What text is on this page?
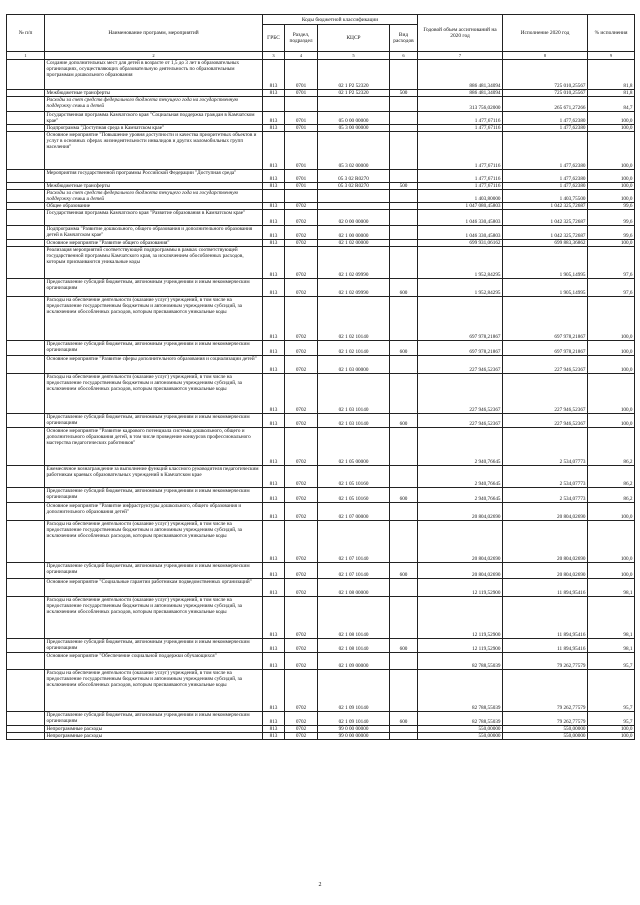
№ п/п	Наименование программ, мероприятий	Коды бюджетной классификации				Годовой объем ассигнований на 2020 год	Исполнение 2020 год	% исполнения
		ГРБС	Раздел, подраздел	КЦСР	Вид расходов			
1	2	3	4	5	6	7	8	9
	Создание дополнительных мест для детей в возрасте от 1,5 до 3 лет в образовательных организациях, осуществляющих образовательную деятельность по образовательным программам дошкольного образования	813	0701	02 1 P2 52320		886 481,34094	725 010,25567	81,8
	Межбюджетные трансферты	813	0701	02 1 P2 52320	500	886 481,34094	725 010,25567	81,8
	Расходы за счет средств федерального бюджета текущего года на государственную поддержку семьи и детей					313 756,02000	265 671,27266	84,7
	Государственная программа Камчатского края "Социальная поддержка граждан в Камчатском крае"	813	0701	05 0 00 00000		1 477,67116	1 477,62380	100,0
	Подпрограмма "Доступная среда в Камчатском крае"	813	0701	05 3 00 00000		1 477,67116	1 477,62380	100,0
	Основное мероприятие "Повышение уровня доступности и качества приоритетных объектов и услуг в основных сферах жизнедеятельности инвалидов и других маломобильных групп населения"	813	0701	05 3 02 00000		1 477,67116	1 477,62380	100,0
	Мероприятия государственной программы Российской Федерации "Доступная среда"	813	0701	05 3 02 R0270		1 477,67116	1 477,62380	100,0
	Межбюджетные трансферты	813	0701	05 3 02 R0270	500	1 477,67116	1 477,62380	100,0
	Расходы за счет средств федерального бюджета текущего года на государственную поддержку семьи и детей					1 403,80000	1 403,75500	100,0
	Общее образование	813	0702			1 047 080,45803	1 042 325,72687	99,6
	Государственная программа Камчатского края "Развитие образования в Камчатском крае"	813	0702	02 0 00 00000		1 046 330,45803	1 042 325,72687	99,6
	Подпрограмма "Развитие дошкольного, общего образования и дополнительного образования детей в Камчатском крае"	813	0702	02 1 00 00000		1 046 330,45803	1 042 325,72687	99,6
	Основное мероприятие "Развитие общего образования"	813	0702	02 1 02 00000		699 931,06162	699 883,36862	100,0
	Реализация мероприятий соответствующей подпрограммы в рамках соответствующей государственной программы Камчатского края, за исключением обособленных расходов, которым присваиваются уникальные коды	813	0702	02 1 02 09990		1 952,84295	1 905,14995	97,6
	Предоставление субсидий бюджетным, автономным учреждениям и иным некоммерческим организациям	813	0702	02 1 02 09990	600	1 952,84295	1 905,14995	97,6
	Расходы на обеспечение деятельности (оказание услуг) учреждений, в том числе на предоставление государственным бюджетным и автономным учреждениям субсидий, за исключением обособленных расходов, которым присваиваются уникальные коды	813	0702	02 1 02 10140		697 978,21867	697 978,21867	100,0
	Предоставление субсидий бюджетным, автономным учреждениям и иным некоммерческим организациям	813	0702	02 1 02 10140	600	697 978,21867	697 978,21867	100,0
	Основное мероприятие "Развитие сферы дополнительного образования и социализации детей"	813	0702	02 1 03 00000		227 946,52367	227 946,52367	100,0
	Расходы на обеспечение деятельности (оказание услуг) учреждений, в том числе на предоставление государственным бюджетным и автономным учреждениям субсидий, за исключением обособленных расходов, которым присваиваются уникальные коды	813	0702	02 1 03 10140		227 946,52367	227 946,52367	100,0
	Предоставление субсидий бюджетным, автономным учреждениям и иным некоммерческим организациям	813	0702	02 1 03 10140	600	227 946,52367	227 946,52367	100,0
	Основное мероприятие "Развитие кадрового потенциала системы дошкольного, общего и дополнительного образования детей, в том числе проведение конкурсов профессионального мастерства педагогических работников"	813	0702	02 1 05 00000		2 940,76645	2 534,07773	86,2
	Ежемесячное вознаграждение за выполнение функций классного руководителя педагогическим работникам краевых образовательных учреждений в Камчатском крае	813	0702	02 1 05 10160		2 940,76645	2 534,07773	86,2
	Предоставление субсидий бюджетным, автономным учреждениям и иным некоммерческим организациям	813	0702	02 1 05 10160	600	2 940,76645	2 534,07773	86,2
	Основное мероприятие "Развитие инфраструктуры дошкольного, общего образования и дополнительного образования детей"	813	0702	02 1 07 00000		20 804,02690	20 804,02690	100,0
	Расходы на обеспечение деятельности (оказание услуг) учреждений, в том числе на предоставление государственным бюджетным и автономным учреждениям субсидий, за исключением обособленных расходов, которым присваиваются уникальные коды	813	0702	02 1 07 10140		20 804,02690	20 804,02690	100,0
	Предоставление субсидий бюджетным, автономным учреждениям и иным некоммерческим организациям	813	0702	02 1 07 10140	600	20 804,02690	20 804,02690	100,0
	Основное мероприятие "Социальные гарантии работникам подведомственных организаций"	813	0702	02 1 08 00000		12 119,52900	11 894,95416	98,1
	Расходы на обеспечение деятельности (оказание услуг) учреждений, в том числе на предоставление государственным бюджетным и автономным учреждениям субсидий, за исключением обособленных расходов, которым присваиваются уникальные коды	813	0702	02 1 08 10140		12 119,52900	11 894,95416	98,1
	Предоставление субсидий бюджетным, автономным учреждениям и иным некоммерческим организациям	813	0702	02 1 08 10140	600	12 119,52900	11 894,95416	98,1
	Основное мероприятие "Обеспечение социальной поддержки обучающихся"	813	0702	02 1 09 00000		82 788,55039	79 262,77579	95,7
	Расходы на обеспечение деятельности (оказание услуг) учреждений, в том числе на предоставление государственным бюджетным и автономным учреждениям субсидий, за исключением обособленных расходов, которым присваиваются уникальные коды	813	0702	02 1 09 10140		82 788,55039	79 262,77579	95,7
	Предоставление субсидий бюджетным, автономным учреждениям и иным некоммерческим организациям	813	0702	02 1 09 10140	600	82 788,55039	79 262,77579	95,7
	Непрограммные расходы	813	0702	99 0 00 00000		550,00000	550,00000	100,0
	Непрограммные расходы	813	0702	99 0 00 00000		550,00000	550,00000	100,0
2
